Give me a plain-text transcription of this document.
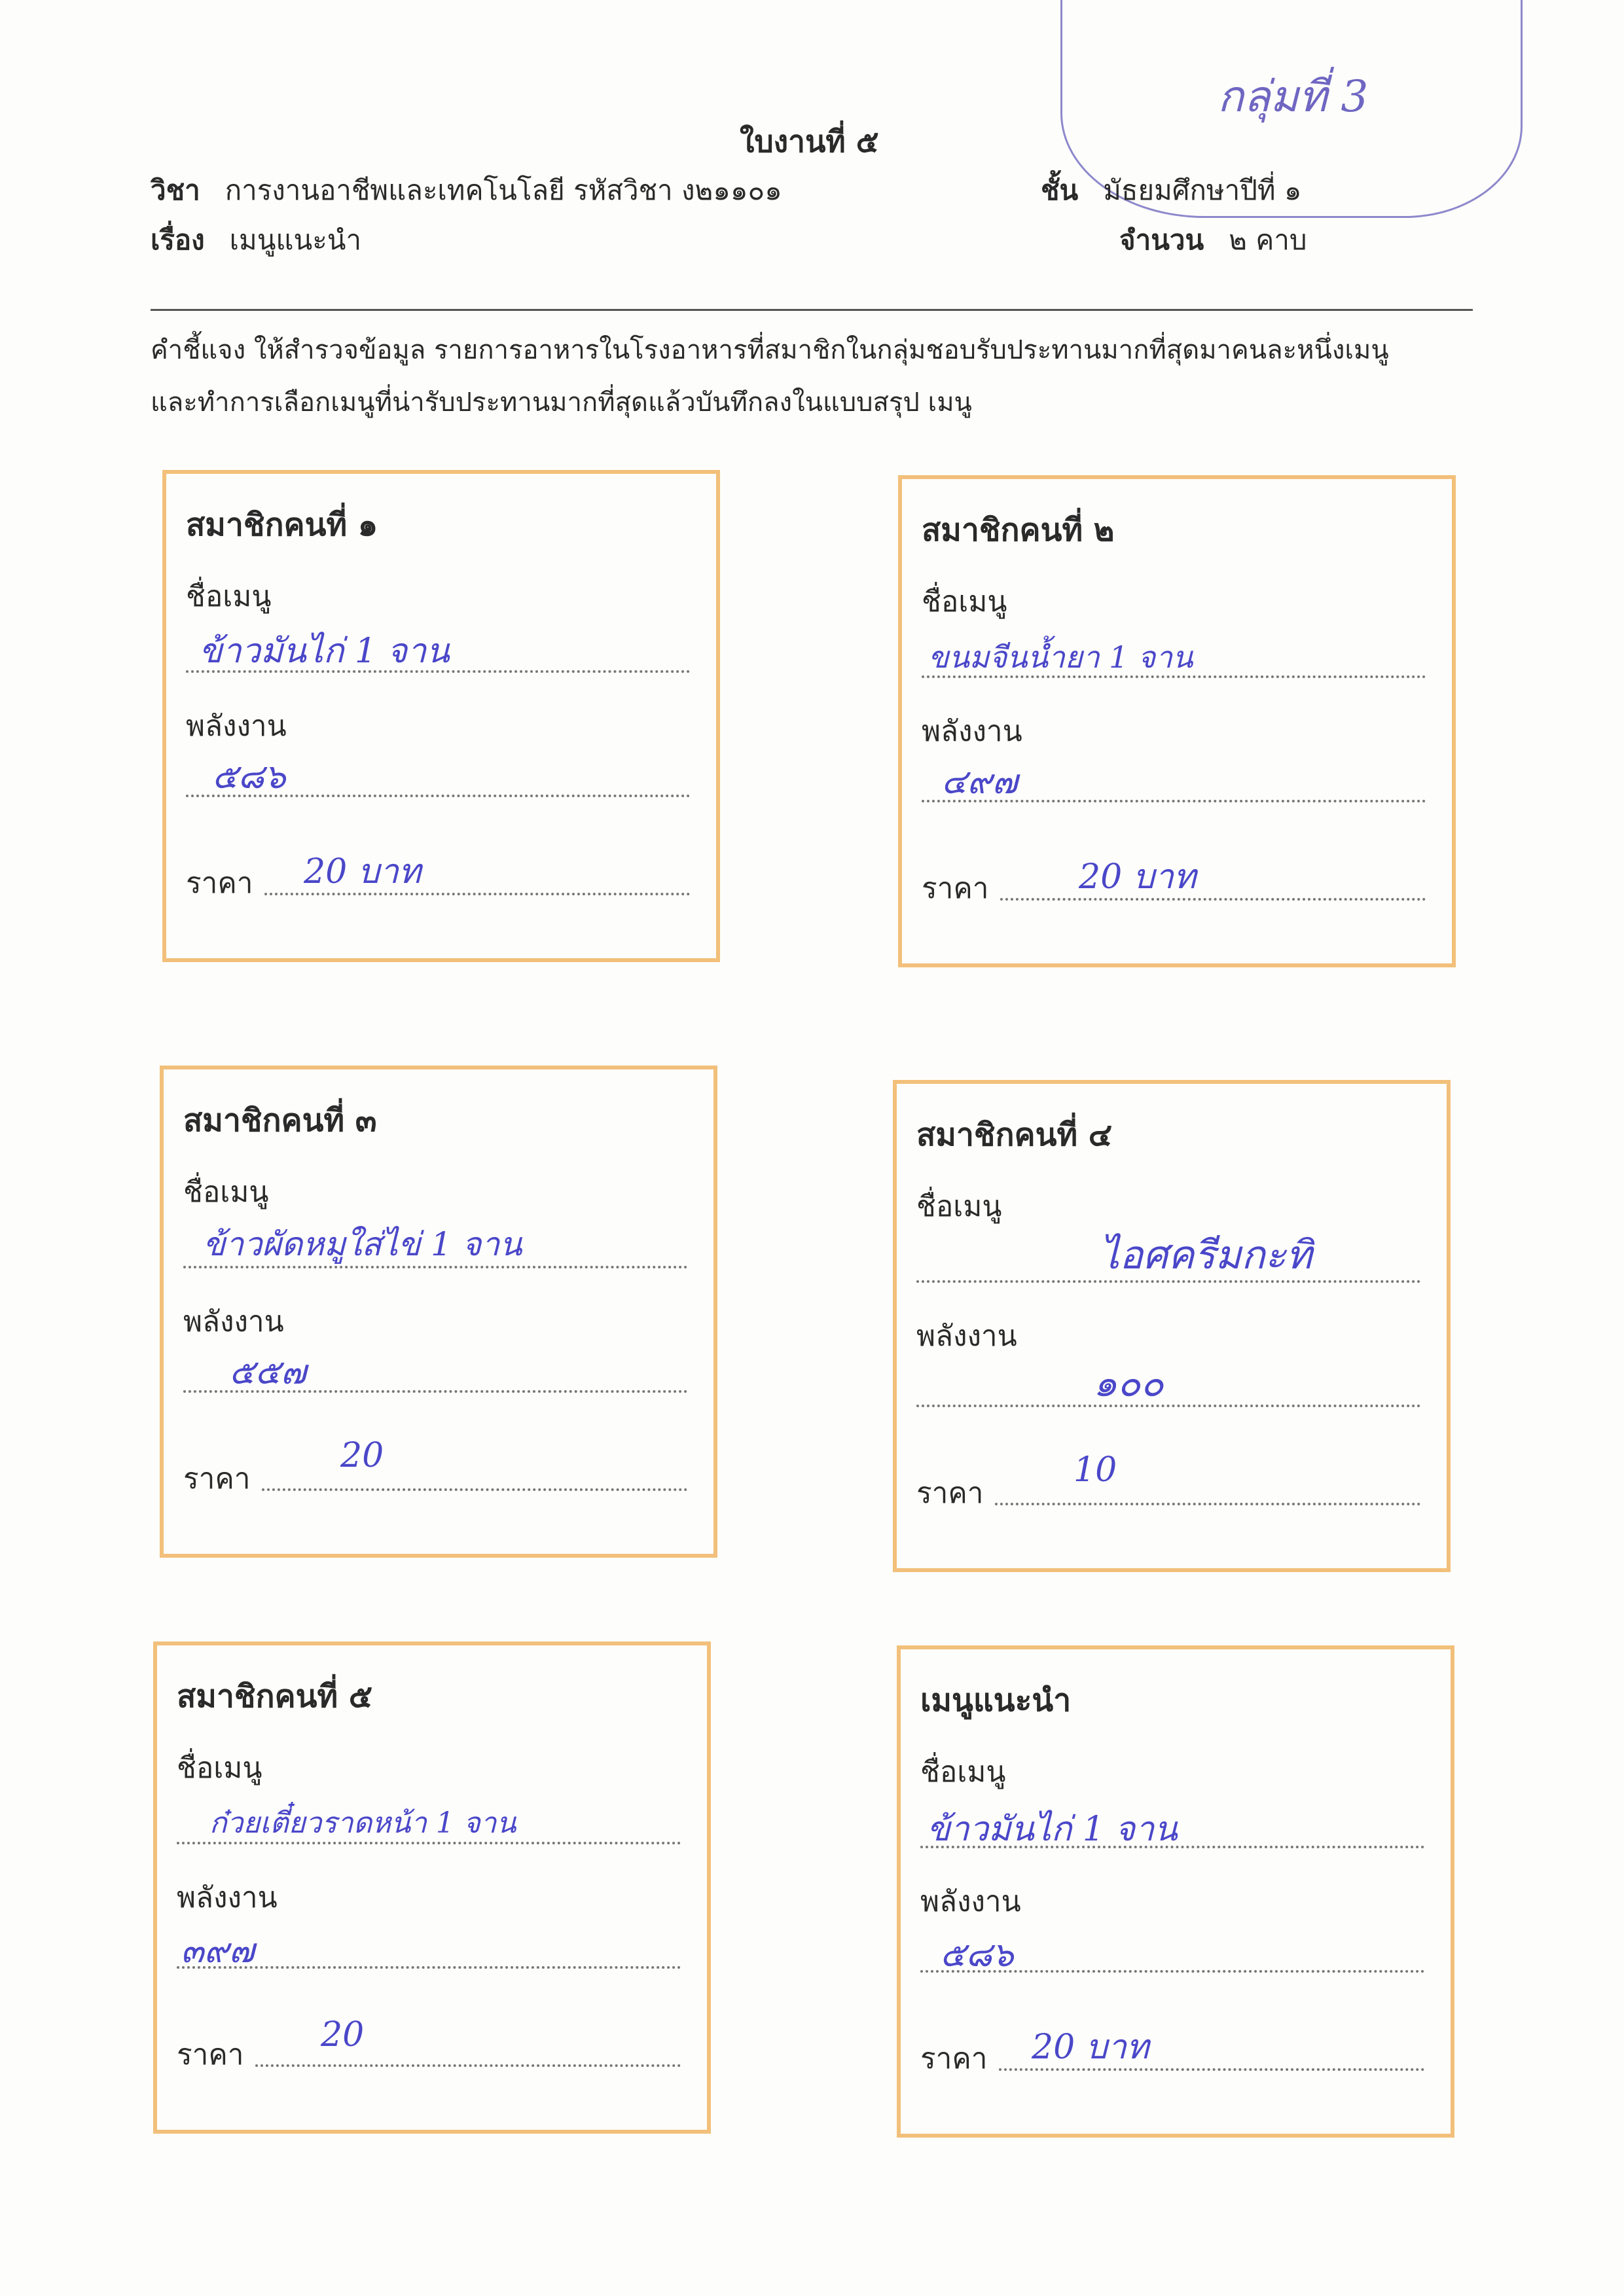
กลุ่มที่ 3
ใบงานที่ ๕
วิชา การงานอาชีพและเทคโนโลยี รหัสวิชา ง๒๑๑๐๑	ชั้น มัธยมศึกษาปีที่ ๑
เรื่อง เมนูแนะนำ	จำนวน ๒ คาบ
คำชี้แจง ให้สำรวจข้อมูล รายการอาหารในโรงอาหารที่สมาชิกในกลุ่มชอบรับประทานมากที่สุดมาคนละหนึ่งเมนู
และทำการเลือกเมนูที่น่ารับประทานมากที่สุดแล้วบันทึกลงในแบบสรุป เมนู
สมาชิกคนที่ ๑
ชื่อเมนู
ข้าวมันไก่ 1 จาน
พลังงาน
๕๘๖
ราคา 20 บาท
สมาชิกคนที่ ๒
ชื่อเมนู
ขนมจีนน้ำยา 1 จาน
พลังงาน
๔๙๗
ราคา	20 บาท
สมาชิกคนที่ ๓
ชื่อเมนู
ข้าวผัดหมูใส่ไข่ 1 จาน
พลังงาน
๕๕๗
ราคา
20
สมาชิกคนที่ ๔
ชื่อเมนู
ไอศครีมกะทิ
พลังงาน
๑๐๐
ราคา
10
สมาชิกคนที่ ๕
ชื่อเมนู
ก๋วยเตี๋ยวราดหน้า 1 จาน
พลังงาน
๓๙๗
ราคา
20
เมนูแนะนำ
ชื่อเมนู
ข้าวมันไก่ 1 จาน
พลังงาน
๕๘๖
ราคา 20 บาท
